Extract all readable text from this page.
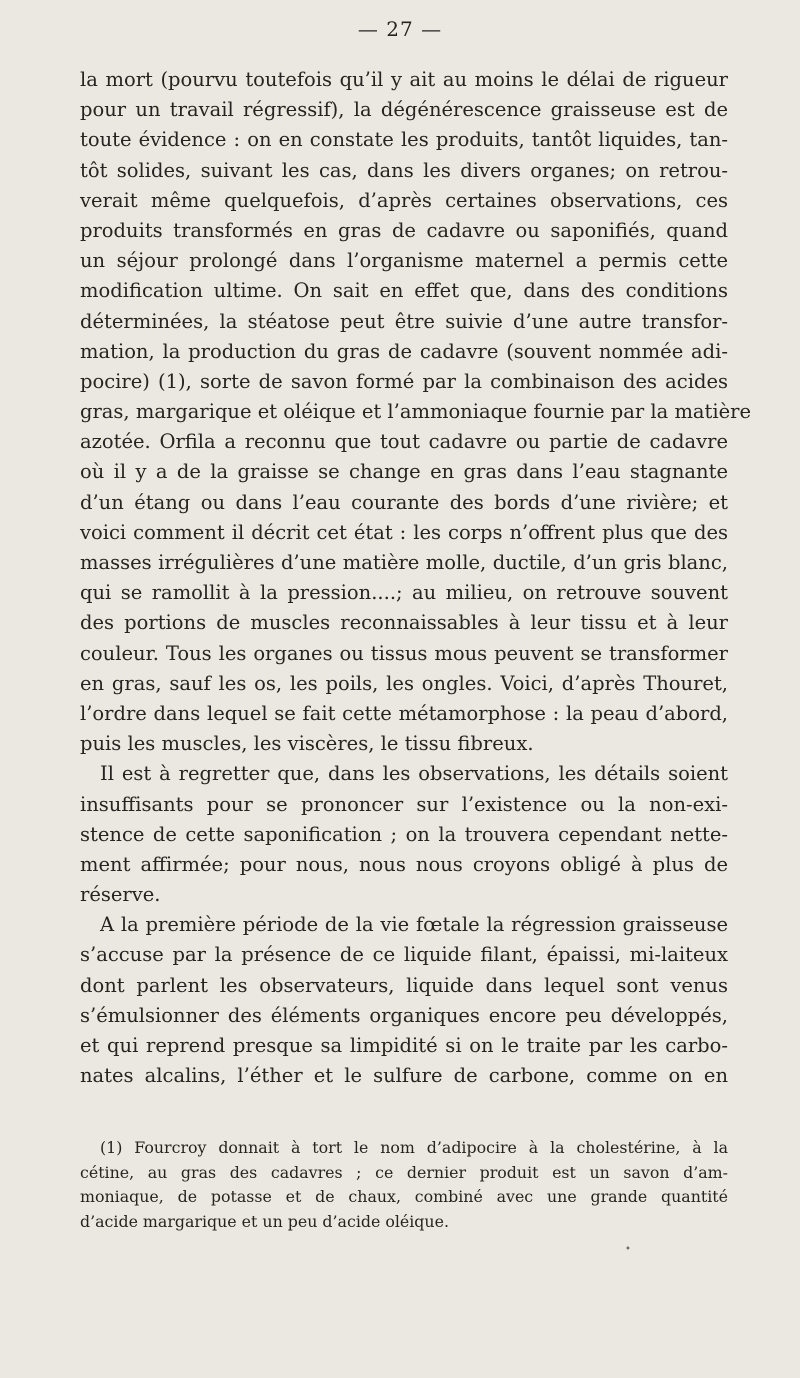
— 27 —
la mort (pourvu toutefois qu’il y ait au moins le délai de rigueur
pour un travail régressif), la dégénérescence graisseuse est de
toute évidence : on en constate les produits, tantôt liquides, tan-
tôt solides, suivant les cas, dans les divers organes; on retrou-
verait même quelquefois, d’après certaines observations, ces
produits transformés en gras de cadavre ou saponifiés, quand
un séjour prolongé dans l’organisme maternel a permis cette
modification ultime. On sait en effet que, dans des conditions
déterminées, la stéatose peut être suivie d’une autre transfor-
mation, la production du gras de cadavre (souvent nommée adi-
pocire) (1), sorte de savon formé par la combinaison des acides
gras, margarique et oléique et l’ammoniaque fournie par la matière
azotée. Orfila a reconnu que tout cadavre ou partie de cadavre
où il y a de la graisse se change en gras dans l’eau stagnante
d’un étang ou dans l’eau courante des bords d’une rivière; et
voici comment il décrit cet état : les corps n’offrent plus que des
masses irrégulières d’une matière molle, ductile, d’un gris blanc,
qui se ramollit à la pression....; au milieu, on retrouve souvent
des portions de muscles reconnaissables à leur tissu et à leur
couleur. Tous les organes ou tissus mous peuvent se transformer
en gras, sauf les os, les poils, les ongles. Voici, d’après Thouret,
l’ordre dans lequel se fait cette métamorphose : la peau d’abord,
puis les muscles, les viscères, le tissu fibreux.
Il est à regretter que, dans les observations, les détails soient
insuffisants pour se prononcer sur l’existence ou la non-exi-
stence de cette saponification ; on la trouvera cependant nette-
ment affirmée; pour nous, nous nous croyons obligé à plus de
réserve.
A la première période de la vie fœtale la régression graisseuse
s’accuse par la présence de ce liquide filant, épaissi, mi-laiteux
dont parlent les observateurs, liquide dans lequel sont venus
s’émulsionner des éléments organiques encore peu développés,
et qui reprend presque sa limpidité si on le traite par les carbo-
nates alcalins, l’éther et le sulfure de carbone, comme on en
(1) Fourcroy donnait à tort le nom d’adipocire à la cholestérine, à la
cétine, au gras des cadavres ; ce dernier produit est un savon d’am-
moniaque, de potasse et de chaux, combiné avec une grande quantité
d’acide margarique et un peu d’acide oléique.
•
